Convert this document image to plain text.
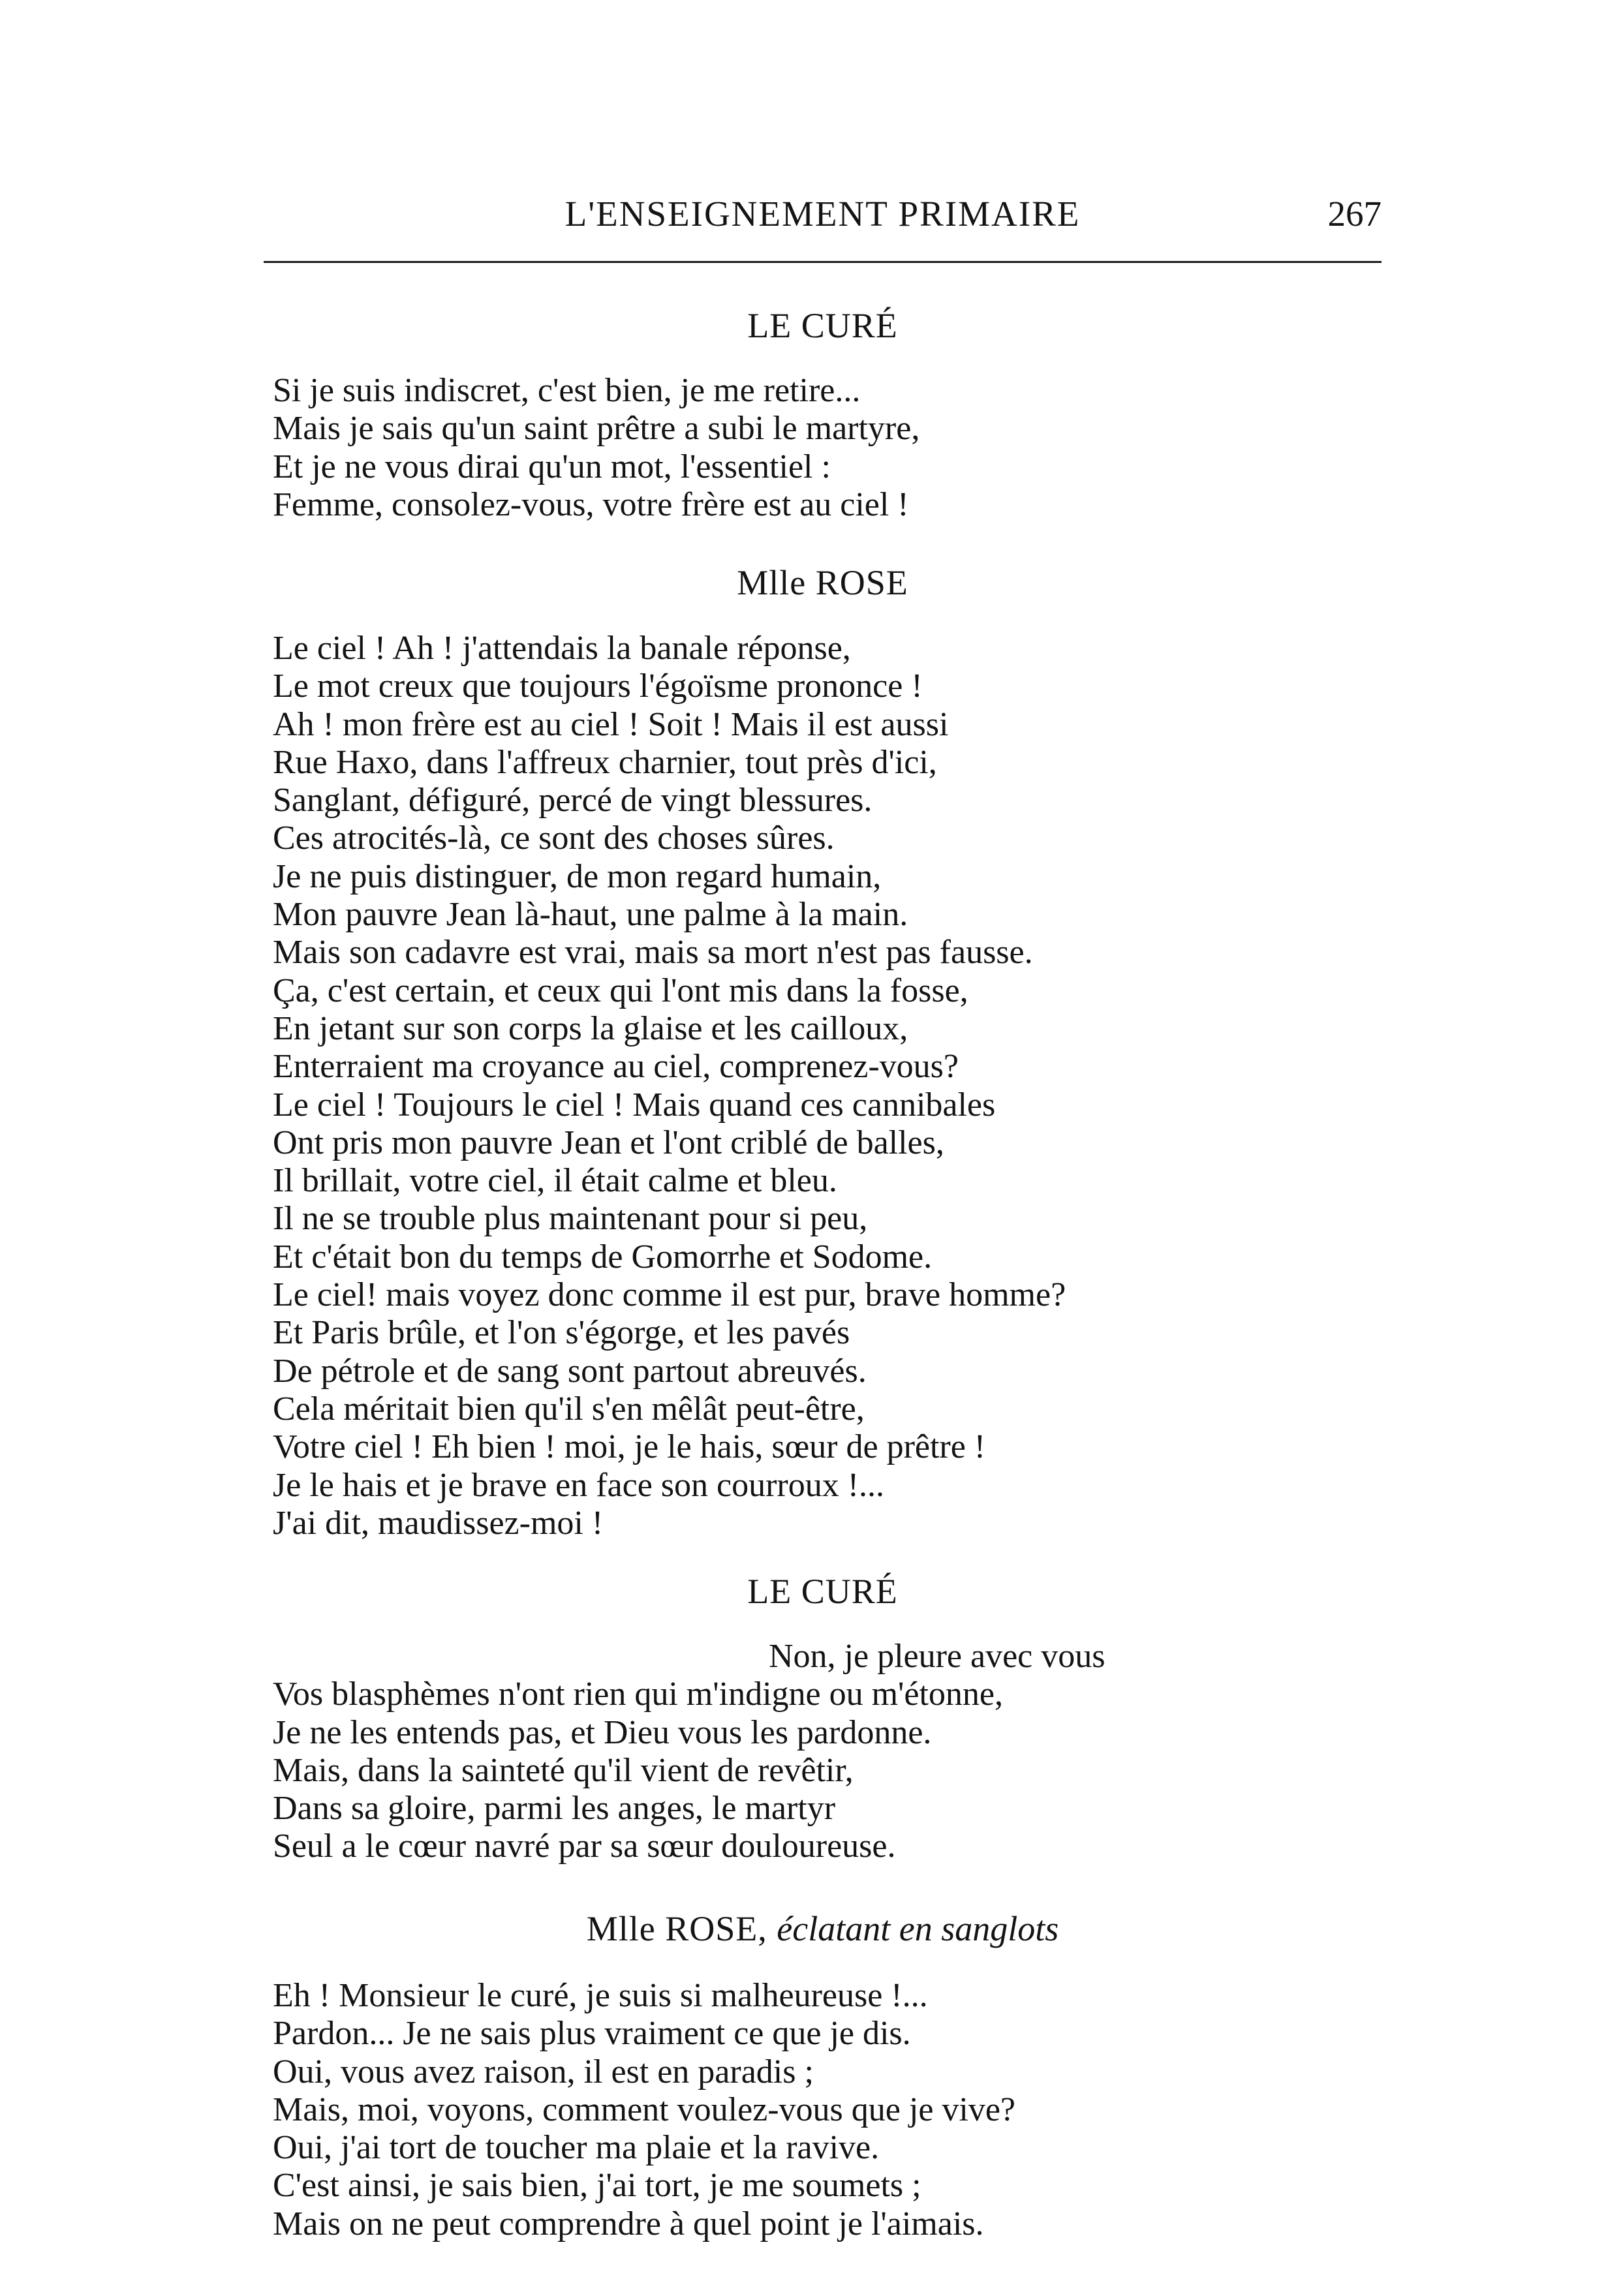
L'ENSEIGNEMENT PRIMAIRE	267
LE CURÉ
Si je suis indiscret, c'est bien, je me retire...
Mais je sais qu'un saint prêtre a subi le martyre,
Et je ne vous dirai qu'un mot, l'essentiel :
Femme, consolez-vous, votre frère est au ciel !
Mlle ROSE
Le ciel ! Ah ! j'attendais la banale réponse,
Le mot creux que toujours l'égoïsme prononce !
Ah ! mon frère est au ciel ! Soit ! Mais il est aussi
Rue Haxo, dans l'affreux charnier, tout près d'ici,
Sanglant, défiguré, percé de vingt blessures.
Ces atrocités-là, ce sont des choses sûres.
Je ne puis distinguer, de mon regard humain,
Mon pauvre Jean là-haut, une palme à la main.
Mais son cadavre est vrai, mais sa mort n'est pas fausse.
Ça, c'est certain, et ceux qui l'ont mis dans la fosse,
En jetant sur son corps la glaise et les cailloux,
Enterraient ma croyance au ciel, comprenez-vous?
Le ciel ! Toujours le ciel ! Mais quand ces cannibales
Ont pris mon pauvre Jean et l'ont criblé de balles,
Il brillait, votre ciel, il était calme et bleu.
Il ne se trouble plus maintenant pour si peu,
Et c'était bon du temps de Gomorrhe et Sodome.
Le ciel! mais voyez donc comme il est pur, brave homme?
Et Paris brûle, et l'on s'égorge, et les pavés
De pétrole et de sang sont partout abreuvés.
Cela méritait bien qu'il s'en mêlât peut-être,
Votre ciel ! Eh bien ! moi, je le hais, sœur de prêtre !
Je le hais et je brave en face son courroux !...
J'ai dit, maudissez-moi !
LE CURÉ
Non, je pleure avec vous
Vos blasphèmes n'ont rien qui m'indigne ou m'étonne,
Je ne les entends pas, et Dieu vous les pardonne.
Mais, dans la sainteté qu'il vient de revêtir,
Dans sa gloire, parmi les anges, le martyr
Seul a le cœur navré par sa sœur douloureuse.
Mlle ROSE, éclatant en sanglots
Eh ! Monsieur le curé, je suis si malheureuse !...
Pardon... Je ne sais plus vraiment ce que je dis.
Oui, vous avez raison, il est en paradis ;
Mais, moi, voyons, comment voulez-vous que je vive?
Oui, j'ai tort de toucher ma plaie et la ravive.
C'est ainsi, je sais bien, j'ai tort, je me soumets ;
Mais on ne peut comprendre à quel point je l'aimais.
